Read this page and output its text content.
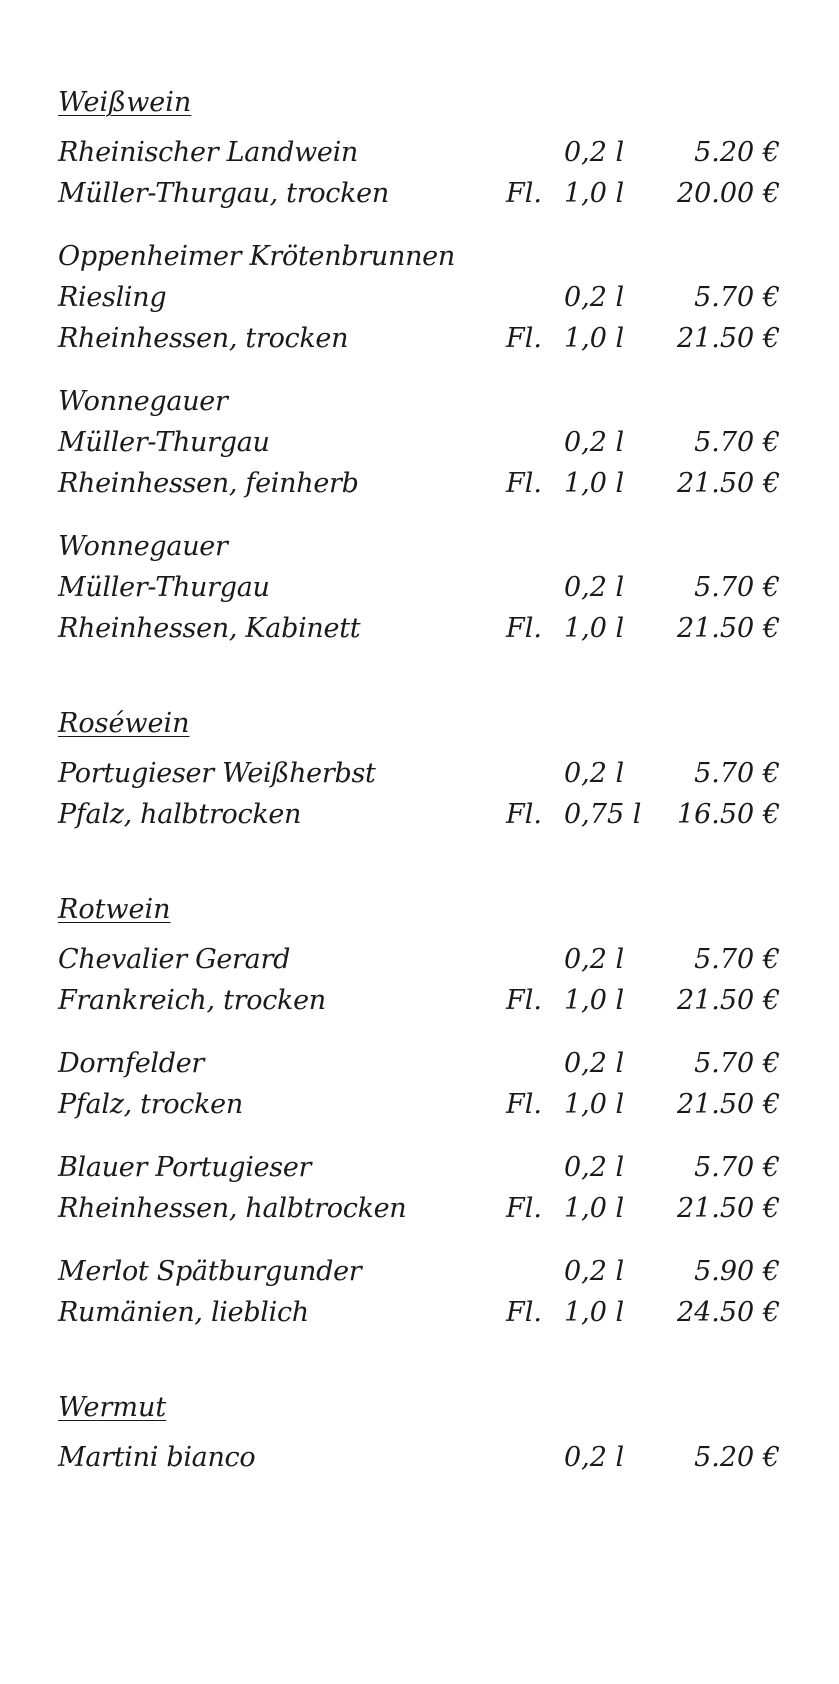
Weißwein
Rheinischer Landwein	0,2 l	5.20 €
Müller-Thurgau, trocken	Fl. 1,0 l 20.00 €
Oppenheimer Krötenbrunnen
Riesling	0,2 l	5.70 €
Rheinhessen, trocken	Fl. 1,0 l 21.50 €
Wonnegauer
Müller-Thurgau	0,2 l	5.70 €
Rheinhessen, feinherb	Fl. 1,0 l 21.50 €
Wonnegauer
Müller-Thurgau	0,2 l	5.70 €
Rheinhessen, Kabinett	Fl. 1,0 l 21.50 €
Roséwein
Portugieser Weißherbst	0,2 l	5.70 €
Pfalz, halbtrocken	Fl. 0,75 l 16.50 €
Rotwein
Chevalier Gerard	0,2 l	5.70 €
Frankreich, trocken	Fl. 1,0 l 21.50 €
Dornfelder	0,2 l	5.70 €
Pfalz, trocken	Fl. 1,0 l 21.50 €
Blauer Portugieser	0,2 l	5.70 €
Rheinhessen, halbtrocken	Fl. 1,0 l 21.50 €
Merlot Spätburgunder	0,2 l	5.90 €
Rumänien, lieblich	Fl. 1,0 l 24.50 €
Wermut
Martini bianco	0,2 l	5.20 €
